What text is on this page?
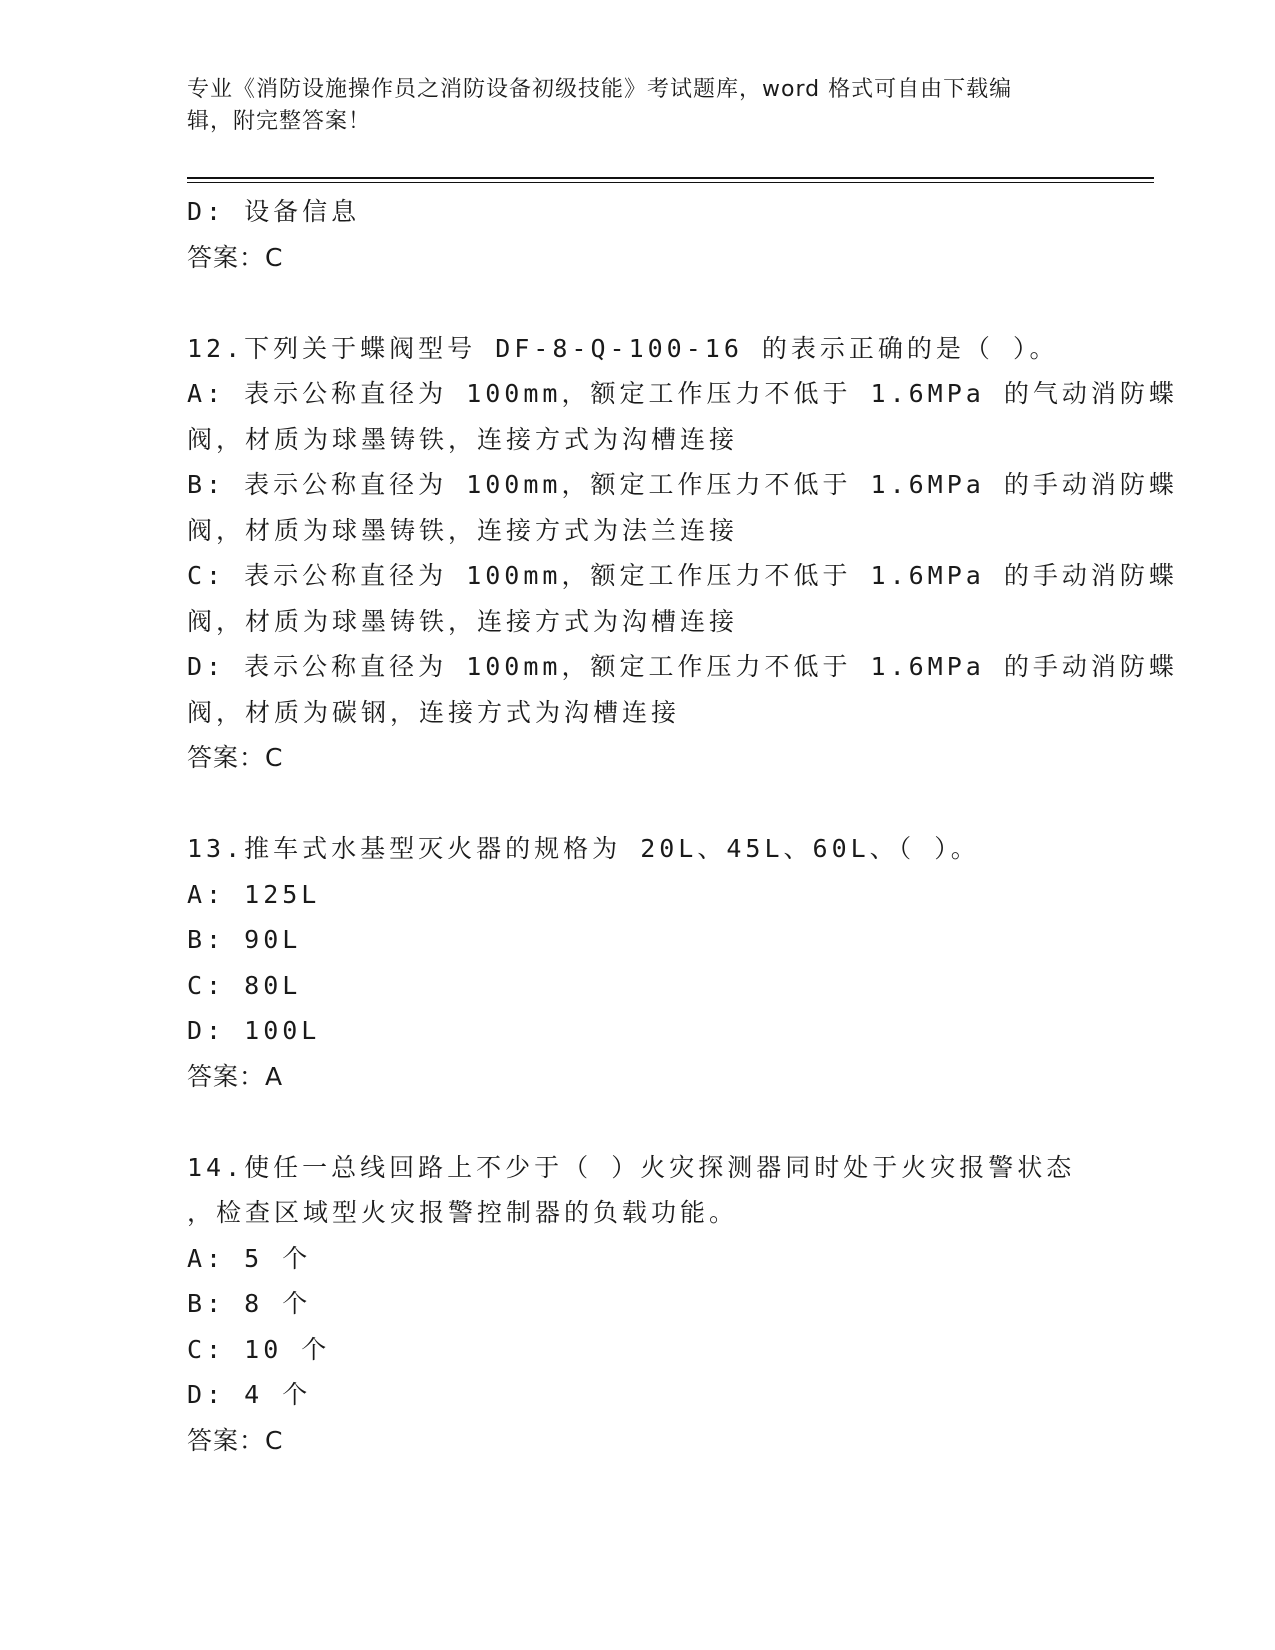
专业《消防设施操作员之消防设备初级技能》考试题库，word 格式可自由下载编
辑，附完整答案！
D: 设备信息
答案：C
12.下列关于蝶阀型号 DF-8-Q-100-16 的表示正确的是（ ）。
A: 表示公称直径为 100mm，额定工作压力不低于 1.6MPa 的气动消防蝶
阀，材质为球墨铸铁，连接方式为沟槽连接
B: 表示公称直径为 100mm，额定工作压力不低于 1.6MPa 的手动消防蝶
阀，材质为球墨铸铁，连接方式为法兰连接
C: 表示公称直径为 100mm，额定工作压力不低于 1.6MPa 的手动消防蝶
阀，材质为球墨铸铁，连接方式为沟槽连接
D: 表示公称直径为 100mm，额定工作压力不低于 1.6MPa 的手动消防蝶
阀，材质为碳钢，连接方式为沟槽连接
答案：C
13.推车式水基型灭火器的规格为 20L、45L、60L、（ ）。
A: 125L
B: 90L
C: 80L
D: 100L
答案：A
14.使任一总线回路上不少于（ ）火灾探测器同时处于火灾报警状态
，检查区域型火灾报警控制器的负载功能。
A: 5 个
B: 8 个
C: 10 个
D: 4 个
答案：C
